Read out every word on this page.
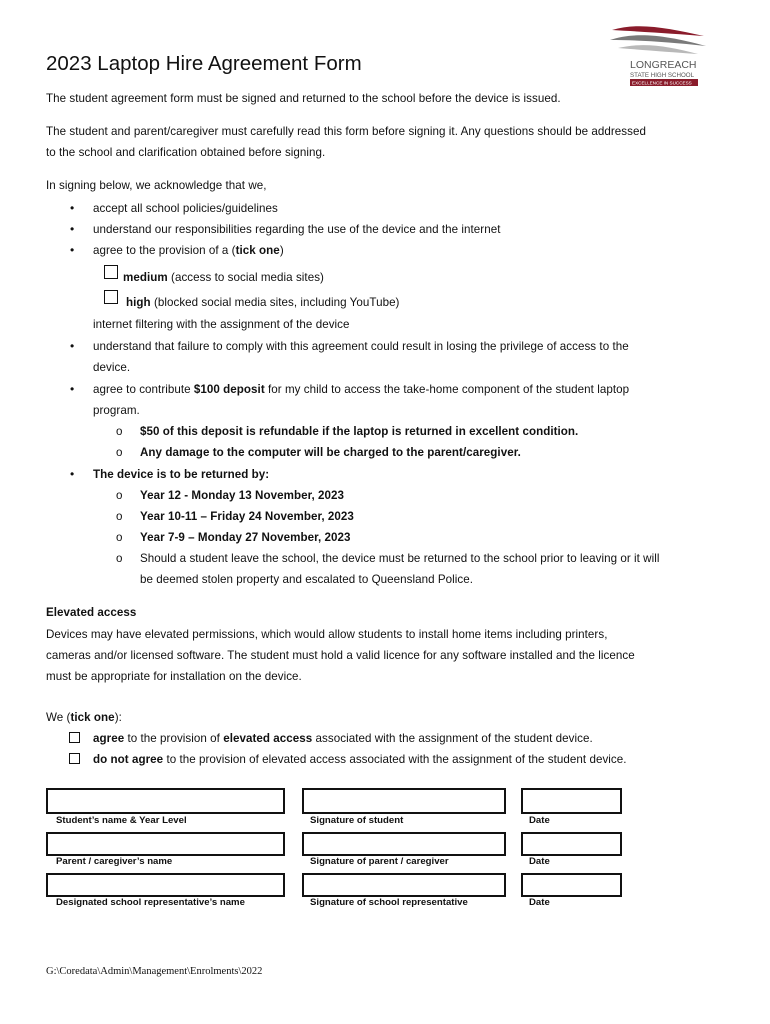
2023 Laptop Hire Agreement Form	LONGREACH
STATE HIGH SCHOOL
EXCELLENCE IN SUCCESS
The student agreement form must be signed and returned to the school before the device is issued.
The student and parent/caregiver must carefully read this form before signing it. Any questions should be addressed
to the school and clarification obtained before signing.
In signing below, we acknowledge that we,
• accept all school policies/guidelines
• understand our responsibilities regarding the use of the device and the internet
• agree to the provision of a (tick one)
medium (access to social media sites)
high (blocked social media sites, including YouTube)
internet filtering with the assignment of the device
• understand that failure to comply with this agreement could result in losing the privilege of access to the
device.
• agree to contribute $100 deposit for my child to access the take-home component of the student laptop
program.
o $50 of this deposit is refundable if the laptop is returned in excellent condition.
o Any damage to the computer will be charged to the parent/caregiver.
• The device is to be returned by:
o Year 12 - Monday 13 November, 2023
o Year 10-11 – Friday 24 November, 2023
o Year 7-9 – Monday 27 November, 2023
o Should a student leave the school, the device must be returned to the school prior to leaving or it will
be deemed stolen property and escalated to Queensland Police.
Elevated access
Devices may have elevated permissions, which would allow students to install home items including printers,
cameras and/or licensed software. The student must hold a valid licence for any software installed and the licence
must be appropriate for installation on the device.
We (tick one):
agree to the provision of elevated access associated with the assignment of the student device.
do not agree to the provision of elevated access associated with the assignment of the student device.
Student’s name & Year Level	Signature of student	Date
Parent / caregiver’s name	Signature of parent / caregiver	Date
Designated school representative’s name	Signature of school representative	Date
G:\Coredata\Admin\Management\Enrolments\2022
